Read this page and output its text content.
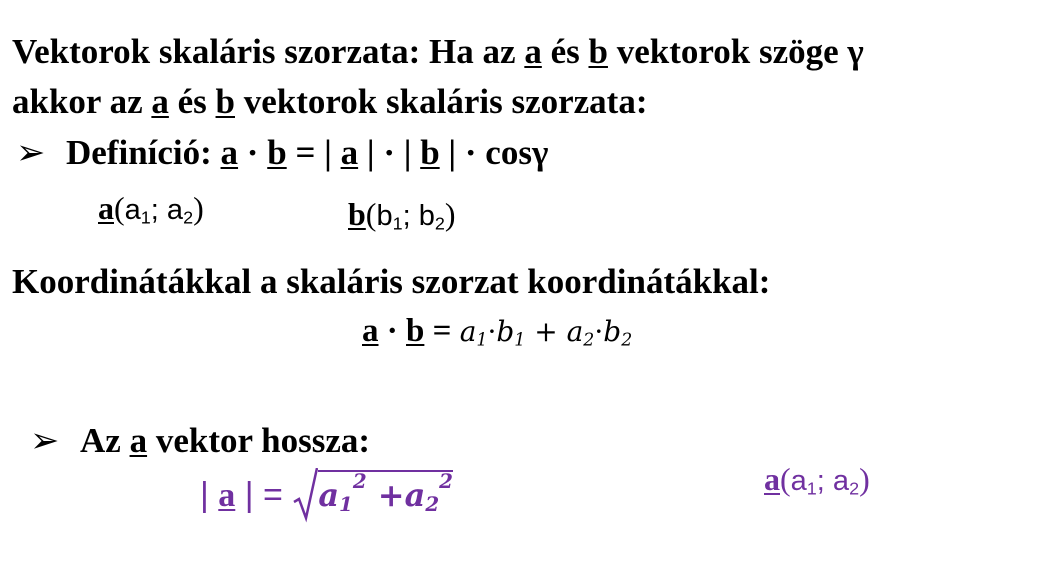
Vektorok skaláris szorzata: Ha az a és b vektorok szöge γ
akkor az a és b vektorok skaláris szorzata:
➢ Definíció: a · b = | a | · | b | · cosγ
$a(a_1$; $a_2$)	$b(b_1$; $b_2$)
Koordinátákkal a skaláris szorzat koordinátákkal:
$a \cdot b = a_1\cdot b_1 + a_2\cdot b_2$
➢ Az a vektor hossza:
| a | =
$a_1^2 +a_2^2$	$a(a_1$; $a_2$)
